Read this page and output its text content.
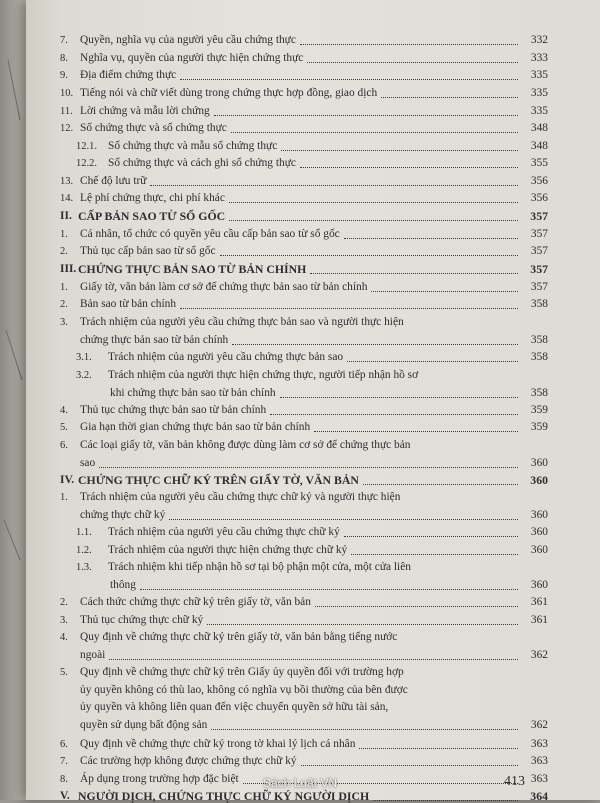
7.	Quyền, nghĩa vụ của người yêu cầu chứng thực	332
8.	Nghĩa vụ, quyền của người thực hiện chứng thực	333
9.	Địa điểm chứng thực	335
10. Tiếng nói và chữ viết dùng trong chứng thực hợp đồng, giao dịch	335
11. Lời chứng và mẫu lời chứng	335
12. Số chứng thực và sổ chứng thực	348
12.1. Số chứng thực và mẫu sổ chứng thực	348
12.2. Sổ chứng thực và cách ghi sổ chứng thực	355
13. Chế độ lưu trữ	356
14. Lệ phí chứng thực, chi phí khác	356
II. CẤP BẢN SAO TỪ SỔ GỐC	357
1.	Cá nhân, tổ chức có quyền yêu cầu cấp bản sao từ sổ gốc	357
2.	Thủ tục cấp bản sao từ sổ gốc	357
III. CHỨNG THỰC BẢN SAO TỪ BẢN CHÍNH	357
1.	Giấy tờ, văn bản làm cơ sở để chứng thực bản sao từ bản chính	357
2.	Bản sao từ bản chính	358
3.	Trách nhiệm của người yêu cầu chứng thực bản sao và người thực hiện
chứng thực bản sao từ bản chính	358
3.1.	Trách nhiệm của người yêu cầu chứng thực bản sao	358
3.2.	Trách nhiệm của người thực hiện chứng thực, người tiếp nhận hồ sơ
khi chứng thực bản sao từ bản chính	358
4.	Thủ tục chứng thực bản sao từ bản chính	359
5.	Gia hạn thời gian chứng thực bản sao từ bản chính	359
6.	Các loại giấy tờ, văn bản không được dùng làm cơ sở để chứng thực bản
sao	360
IV. CHỨNG THỰC CHỮ KÝ TRÊN GIẤY TỜ, VĂN BẢN	360
1.	Trách nhiệm của người yêu cầu chứng thực chữ ký và người thực hiện
chứng thực chữ ký	360
1.1.	Trách nhiệm của người yêu cầu chứng thực chữ ký	360
1.2.	Trách nhiệm của người thực hiện chứng thực chữ ký	360
1.3.	Trách nhiệm khi tiếp nhận hồ sơ tại bộ phận một cửa, một cửa liên
thông	360
2.	Cách thức chứng thực chữ ký trên giấy tờ, văn bản	361
3.	Thủ tục chứng thực chữ ký	361
4.	Quy định về chứng thực chữ ký trên giấy tờ, văn bản bằng tiếng nước
ngoài	362
5.	Quy định về chứng thực chữ ký trên Giấy ủy quyền đối với trường hợp
ủy quyền không có thù lao, không có nghĩa vụ bồi thường của bên được
ủy quyền và không liên quan đến việc chuyển quyền sở hữu tài sản,
quyền sử dụng bất động sản	362
6.	Quy định về chứng thực chữ ký trong tờ khai lý lịch cá nhân	363
7.	Các trường hợp không được chứng thực chữ ký	363
8.	Áp dụng trong trường hợp đặc biệt	363
V. NGƯỜI DỊCH, CHỨNG THỰC CHỮ KÝ NGƯỜI DỊCH	364
413
Sách Luật VN
